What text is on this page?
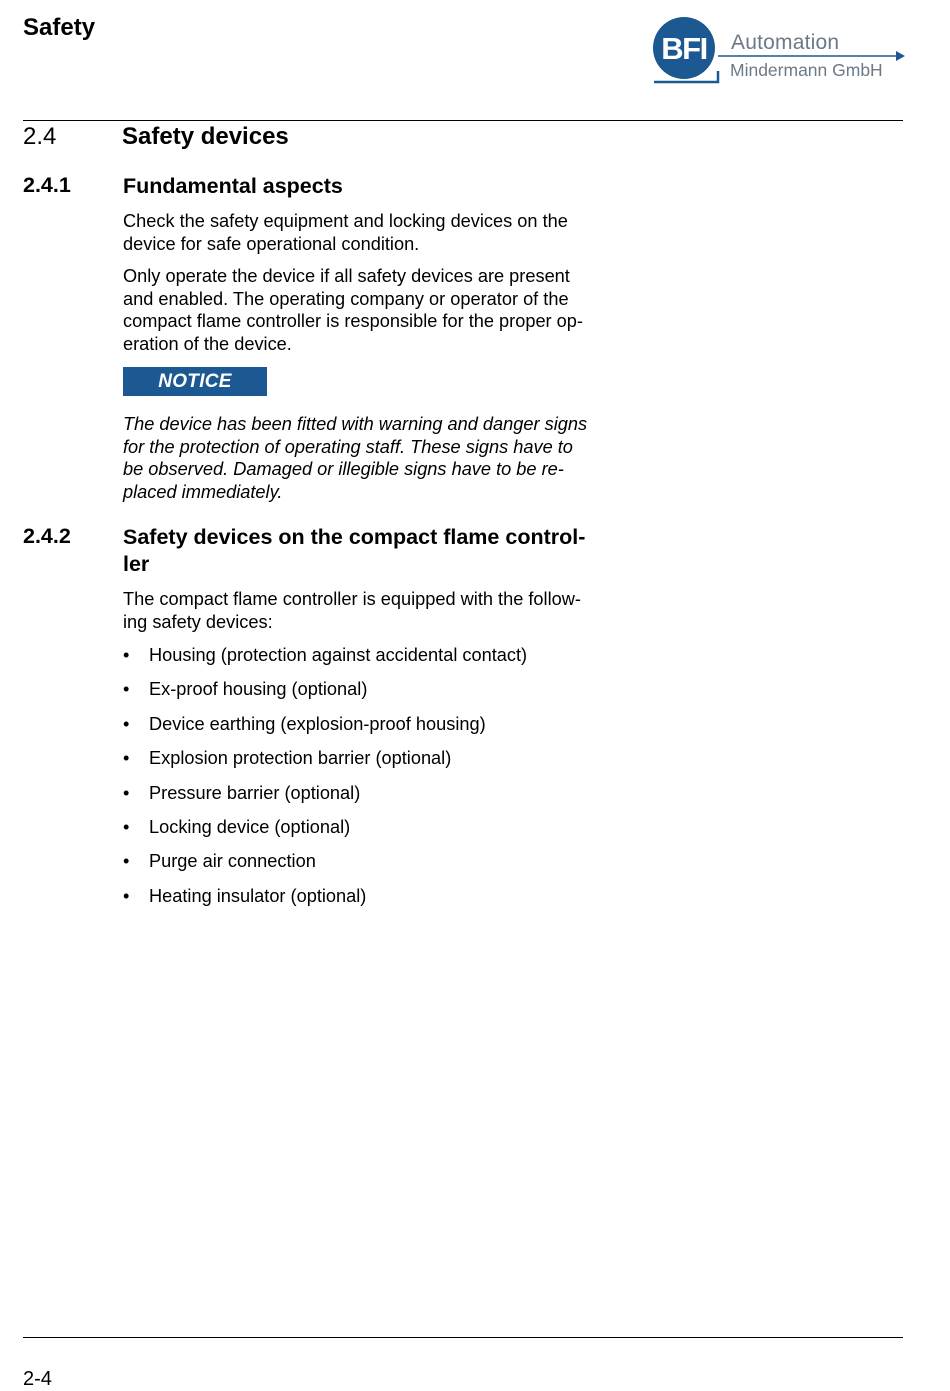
Safety
BFI Automation
Mindermann GmbH
2.4	Safety devices
2.4.1 Fundamental aspects

Check the safety equipment and locking devices on the

device for safe operational condition.

Only operate the device if all safety devices are present

and enabled. The operating company or operator of the

compact flame controller is responsible for the proper op-

eration of the device.

NOTICE

The device has been fitted with warning and danger signs

for the protection of operating staff. These signs have to

be observed. Damaged or illegible signs have to be re-

placed immediately.

2.4.2 Safety devices on the compact flame control-
ler

The compact flame controller is equipped with the follow-

ing safety devices:

• Housing (protection against accidental contact)
• Ex-proof housing (optional)
• Device earthing (explosion-proof housing)
• Explosion protection barrier (optional)
• Pressure barrier (optional)
• Locking device (optional)
• Purge air connection
• Heating insulator (optional)
2-4
